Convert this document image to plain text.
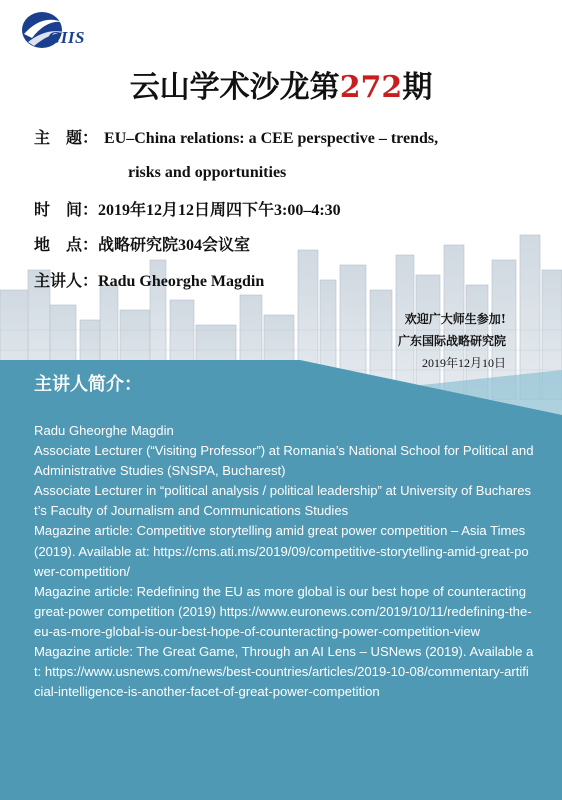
GIIS
云山学术沙龙第272期
主　题： EU–China relations: a CEE perspective – trends,
risks and opportunities
时　间：2019年12月12日周四下午3:00–4:30
地　点：战略研究院304会议室
主讲人：Radu Gheorghe Magdin
欢迎广大师生参加!
广东国际战略研究院
2019年12月10日
主讲人简介：

Radu Gheorghe Magdin

Associate Lecturer (“Visiting Professor”) at Romania’s National School for Political and Administrative Studies (SNSPA, Bucharest)

Associate Lecturer in “political analysis / political leadership” at University of Bucharest’s Faculty of Journalism and Communications Studies

Magazine article: Competitive storytelling amid great power competition – Asia Times (2019). Available at: https://cms.ati.ms/2019/09/competitive-storytelling-amid-great-power-competition/

Magazine article: Redefining the EU as more global is our best hope of counteracting great-power competition (2019) https://www.euronews.com/2019/10/11/redefining-the-eu-as-more-global-is-our-best-hope-of-counteracting-power-competition-view

Magazine article: The Great Game, Through an AI Lens – USNews (2019). Available at: https://www.usnews.com/news/best-countries/articles/2019-10-08/commentary-artificial-intelligence-is-another-facet-of-great-power-competition
